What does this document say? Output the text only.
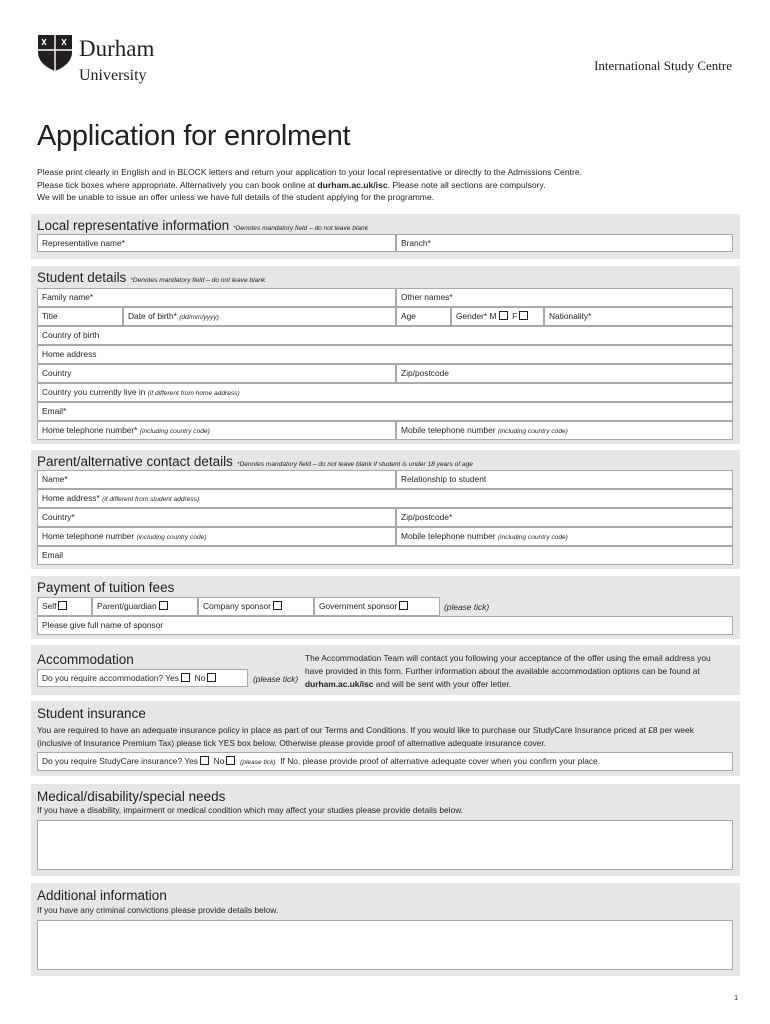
Durham
University
International Study Centre
Application for enrolment
Please print clearly in English and in BLOCK letters and return your application to your local representative or directly to the Admissions Centre.
Please tick boxes where appropriate. Alternatively you can book online at durham.ac.uk/isc. Please note all sections are compulsory.
We will be unable to issue an offer unless we have full details of the student applying for the programme.
Local representative information *Denotes mandatory field – do not leave blank
Representative name*	Branch*
Student details *Denotes mandatory field – do not leave blank
Family name*	Other names*
Title	Date of birth* (dd/mm/yyyy)	Age	Gender* M F	Nationality*
Country of birth
Home address
Country	Zip/postcode
Country you currently live in (if different from home address)
Email*
Home telephone number* (including country code)	Mobile telephone number (including country code)
Parent/alternative contact details *Denotes mandatory field – do not leave blank if student is under 18 years of age
Name*	Relationship to student
Home address* (if different from student address)
Country*	Zip/postcode*
Home telephone number (including country code)	Mobile telephone number (including country code)
Email
Payment of tuition fees
Self	Parent/guardian	Company sponsor	Government sponsor	(please tick)
Please give full name of sponsor
Accommodation
Do you require accommodation? Yes No	(please tick)
The Accommodation Team will contact you following your acceptance of the offer using the email address you have provided in this form. Further information about the available accommodation options can be found at durham.ac.uk/isc and will be sent with your offer letter.
Student insurance
You are required to have an adequate insurance policy in place as part of our Terms and Conditions. If you would like to purchase our StudyCare Insurance priced at £8 per week (inclusive of Insurance Premium Tax) please tick YES box below. Otherwise please provide proof of alternative adequate insurance cover.
Do you require StudyCare insurance? Yes No (please tick) If No, please provide proof of alternative adequate cover when you confirm your place.
Medical/disability/special needs
If you have a disability, impairment or medical condition which may affect your studies please provide details below.
Additional information
If you have any criminal convictions please provide details below.
1
